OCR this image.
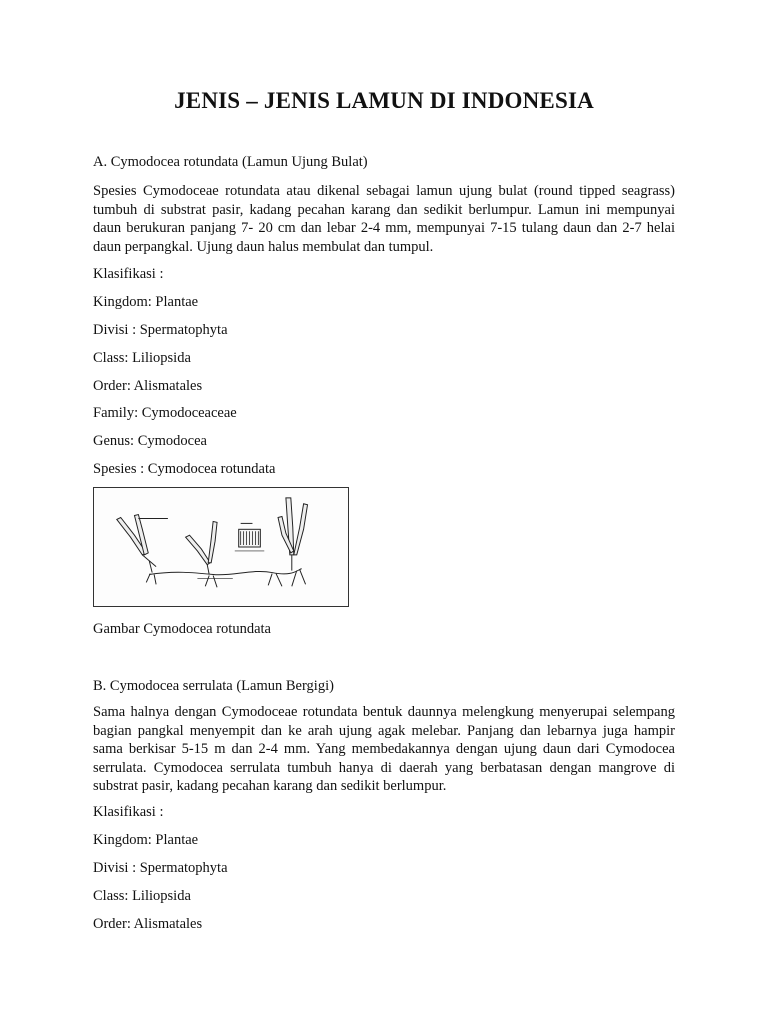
JENIS – JENIS LAMUN DI INDONESIA
A. Cymodocea rotundata (Lamun Ujung Bulat)
Spesies Cymodoceae rotundata atau dikenal sebagai lamun ujung bulat (round tipped seagrass) tumbuh di substrat pasir, kadang pecahan karang dan sedikit berlumpur. Lamun ini mempunyai daun berukuran panjang 7- 20 cm dan lebar 2-4 mm, mempunyai 7-15 tulang daun dan 2-7 helai daun perpangkal. Ujung daun halus membulat dan tumpul.
Klasifikasi :
Kingdom: Plantae
Divisi : Spermatophyta
Class: Liliopsida
Order: Alismatales
Family: Cymodoceaceae
Genus: Cymodocea
Spesies : Cymodocea rotundata
Gambar Cymodocea rotundata
B. Cymodocea serrulata (Lamun Bergigi)
Sama halnya dengan Cymodoceae rotundata bentuk daunnya melengkung menyerupai selempang bagian pangkal menyempit dan ke arah ujung agak melebar. Panjang dan lebarnya juga hampir sama berkisar 5-15 m dan 2-4 mm. Yang membedakannya dengan ujung daun dari Cymodocea serrulata. Cymodocea serrulata tumbuh hanya di daerah yang berbatasan dengan mangrove di substrat pasir, kadang pecahan karang dan sedikit berlumpur.
Klasifikasi :
Kingdom: Plantae
Divisi : Spermatophyta
Class: Liliopsida
Order: Alismatales
